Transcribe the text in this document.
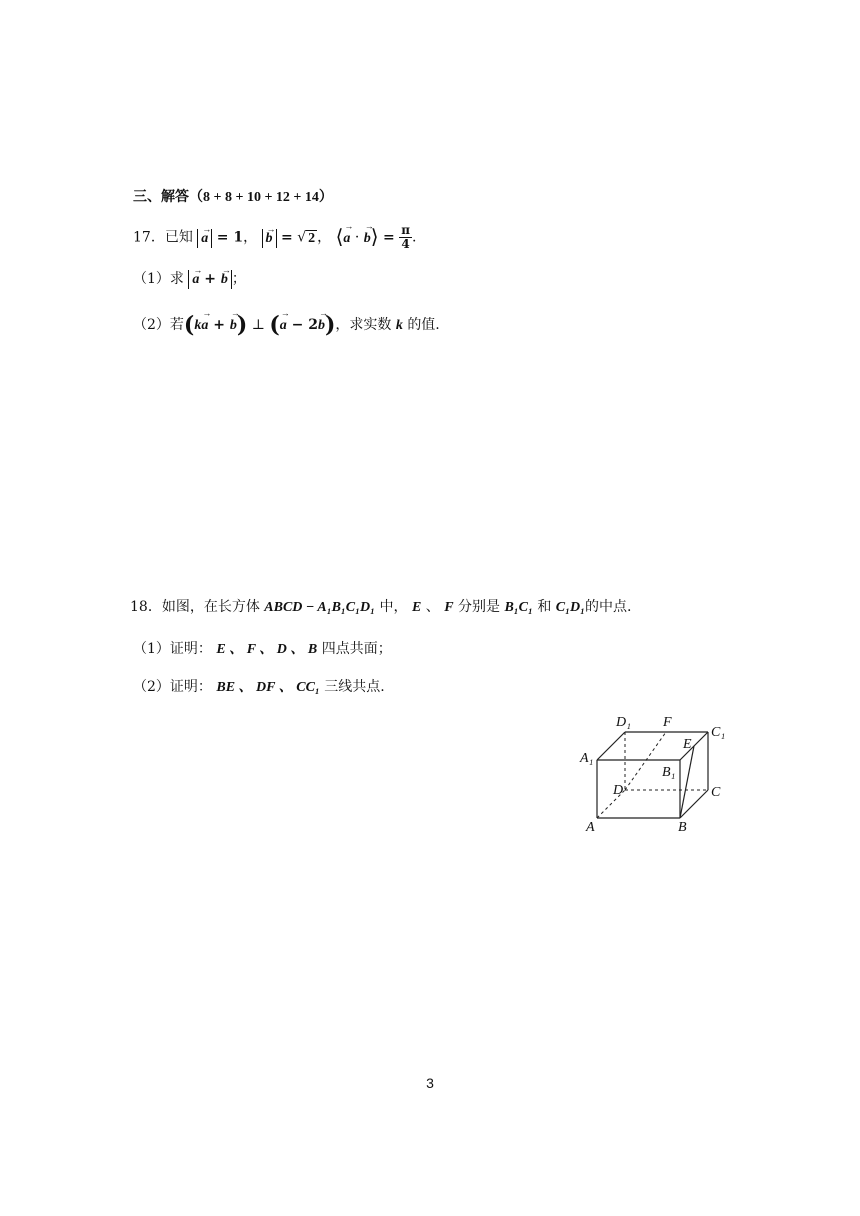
三、解答（8 + 8 + 10 + 12 + 14）
17．已知 → a = 1， → b = √ 2 ， ⟨→ a · → b⟩ = $\frac{\pi}{4}$ .
（1）求 → a + → b ；
（2）若(k→ a + → b) ⊥ (→ a − 2→ b)，求实数 k 的值.
18．如图，在长方体 ABCD − A₁B₁C₁D₁ 中， E 、 F 分别是 B₁C₁ 和 C₁D₁的中点.
（1）证明： E 、 F 、 D 、 B 四点共面；
（2）证明： BE 、 DF 、 CC₁ 三线共点.
D₁ F
C₁
E
A₁
B₁
D	C
A	B
3
